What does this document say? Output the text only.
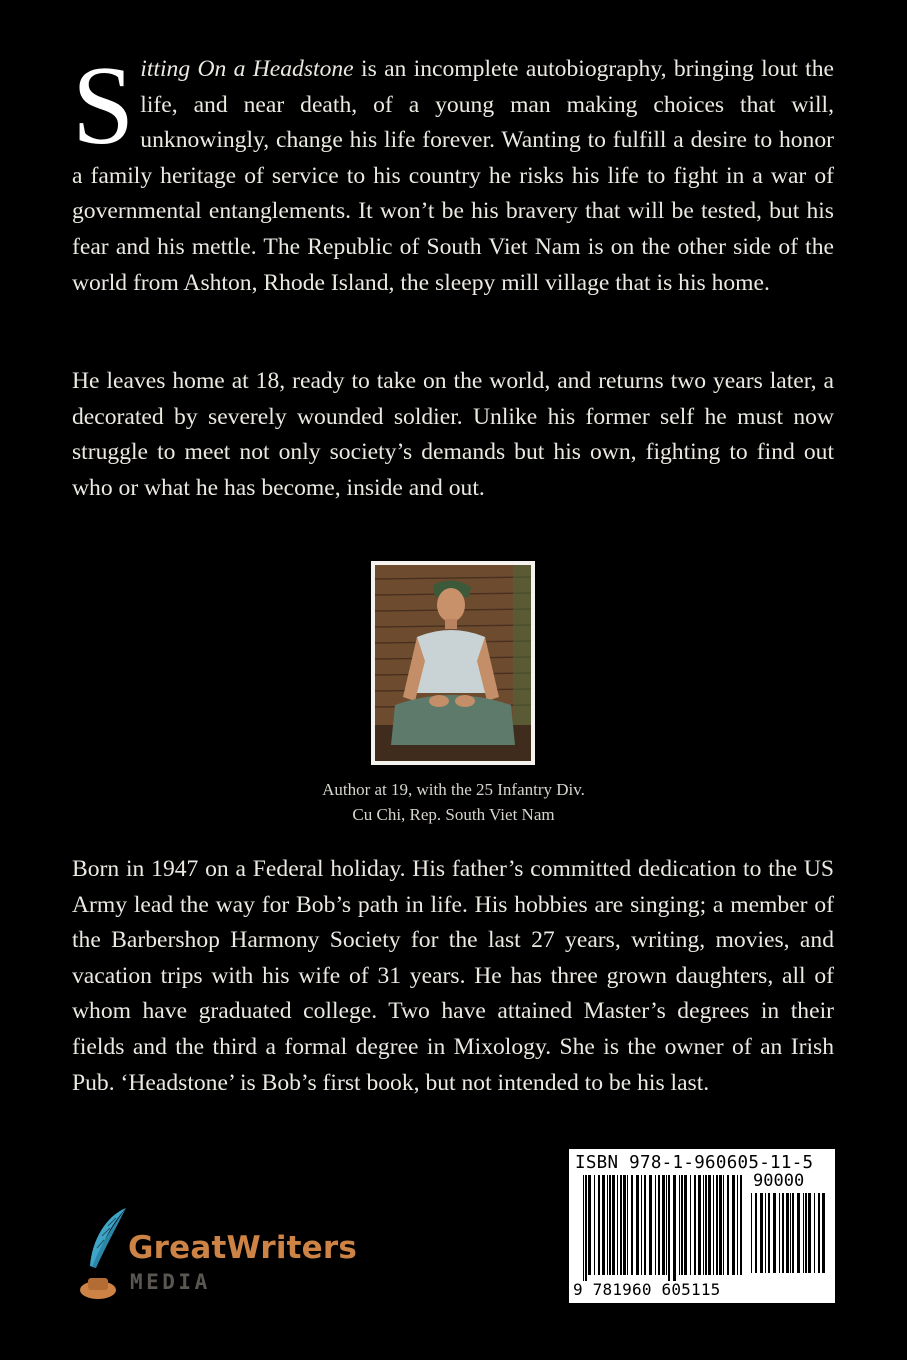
Sitting On a Headstone is an incomplete autobiography, bringing lout the life, and near death, of a young man making choices that will, unknowingly, change his life forever. Wanting to fulfill a desire to honor a family heritage of service to his country he risks his life to fight in a war of governmental entanglements. It won’t be his bravery that will be tested, but his fear and his mettle. The Republic of South Viet Nam is on the other side of the world from Ashton, Rhode Island, the sleepy mill village that is his home.

He leaves home at 18, ready to take on the world, and returns two years later, a decorated by severely wounded soldier. Unlike his former self he must now struggle to meet not only society’s demands but his own, fighting to find out who or what he has become, inside and out.

Author at 19, with the 25 Infantry Div.
Cu Chi, Rep. South Viet Nam

Born in 1947 on a Federal holiday. His father’s committed dedication to the US Army lead the way for Bob’s path in life. His hobbies are singing; a member of the Barbershop Harmony Society for the last 27 years, writing, movies, and vacation trips with his wife of 31 years. He has three grown daughters, all of whom have graduated college. Two have attained Master’s degrees in their fields and the third a formal degree in Mixology. She is the owner of an Irish Pub. ‘Headstone’ is Bob’s first book, but not intended to be his last.

GreatWriters
MEDIA
ISBN 978-1-960605-11-5
90000
9 781960 605115
